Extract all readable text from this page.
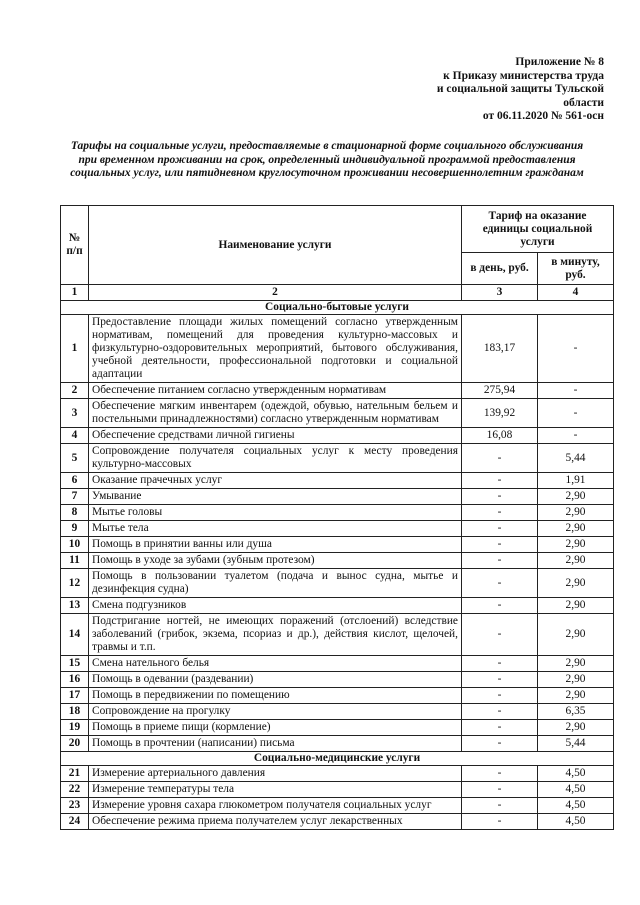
Приложение № 8
к Приказу министерства труда
и социальной защиты Тульской
области
от 06.11.2020 № 561-осн
Тарифы на социальные услуги, предоставляемые в стационарной форме социального обслуживания при временном проживании на срок, определенный индивидуальной программой предоставления социальных услуг, или пятидневном круглосуточном проживании несовершеннолетним гражданам
№ п/п	Наименование услуги	Тариф на оказание единицы социальной услуги	
		в день, руб.	в минуту, руб.
1	2	3	4
Социально-бытовые услуги			
1	Предоставление площади жилых помещений согласно утвержденным нормативам, помещений для проведения культурно-массовых и физкультурно-оздоровительных мероприятий, бытового обслуживания, учебной деятельности, профессиональной подготовки и социальной адаптации	183,17	-
2	Обеспечение питанием согласно утвержденным нормативам	275,94	-
3	Обеспечение мягким инвентарем (одеждой, обувью, нательным бельем и постельными принадлежностями) согласно утвержденным нормативам	139,92	-
4	Обеспечение средствами личной гигиены	16,08	-
5	Сопровождение получателя социальных услуг к месту проведения культурно-массовых	-	5,44
6	Оказание прачечных услуг	-	1,91
7	Умывание	-	2,90
8	Мытье головы	-	2,90
9	Мытье тела	-	2,90
10	Помощь в принятии ванны или душа	-	2,90
11	Помощь в уходе за зубами (зубным протезом)	-	2,90
12	Помощь в пользовании туалетом (подача и вынос судна, мытье и дезинфекция судна)	-	2,90
13	Смена подгузников	-	2,90
14	Подстригание ногтей, не имеющих поражений (отслоений) вследствие заболеваний (грибок, экзема, псориаз и др.), действия кислот, щелочей, травмы и т.п.	-	2,90
15	Смена нательного белья	-	2,90
16	Помощь в одевании (раздевании)	-	2,90
17	Помощь в передвижении по помещению	-	2,90
18	Сопровождение на прогулку	-	6,35
19	Помощь в приеме пищи (кормление)	-	2,90
20	Помощь в прочтении (написании) письма	-	5,44
Социально-медицинские услуги			
21	Измерение артериального давления	-	4,50
22	Измерение температуры тела	-	4,50
23	Измерение уровня сахара глюкометром получателя социальных услуг	-	4,50
24	Обеспечение режима приема получателем услуг лекарственных	-	4,50
